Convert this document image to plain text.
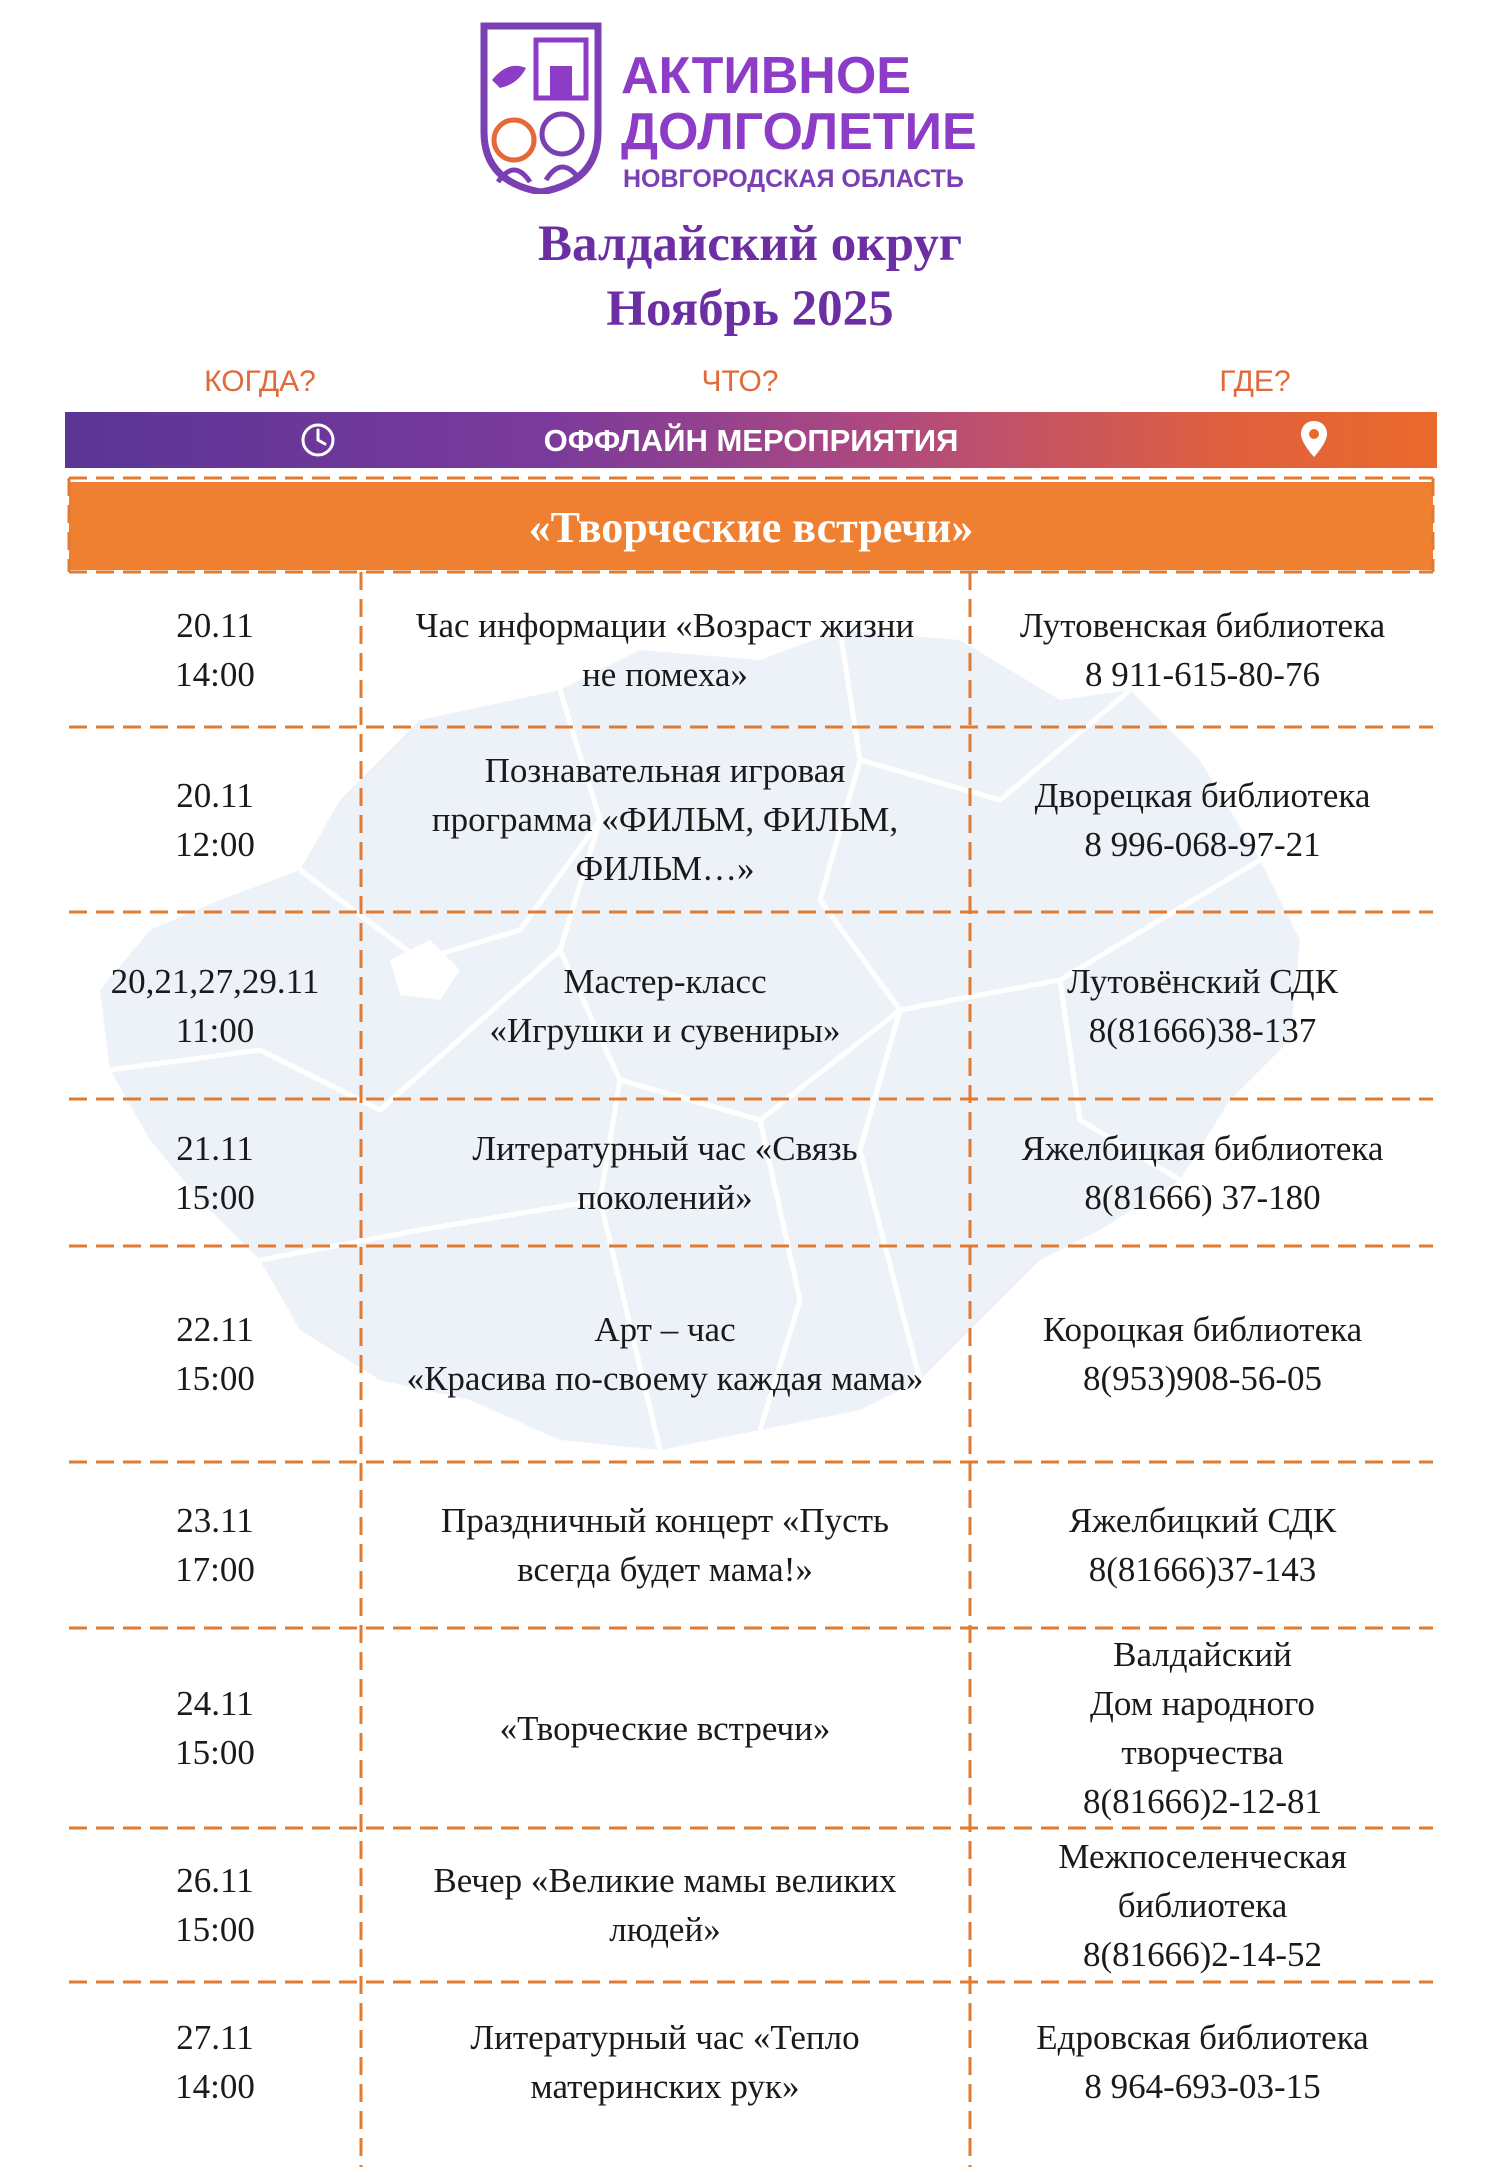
АКТИВНОЕ
ДОЛГОЛЕТИЕ
НОВГОРОДСКАЯ ОБЛАСТЬ
Валдайский округ
Ноябрь 2025
КОГДА?	ЧТО?	ГДЕ?
ОФФЛАЙН МЕРОПРИЯТИЯ
«Творческие встречи»
20.11
14:00
Час информации «Возраст жизни
не помеха»
Лутовенская библиотека
8 911-615-80-76
20.11
12:00
Познавательная игровая
программа «ФИЛЬМ, ФИЛЬМ,
ФИЛЬМ…»
Дворецкая библиотека
8 996-068-97-21
20,21,27,29.11
11:00
Мастер-класс
«Игрушки и сувениры»
Лутовёнский СДК
8(81666)38-137
21.11
15:00
Литературный час «Связь
поколений»
Яжелбицкая библиотека
8(81666) 37-180
22.11
15:00
Арт – час
«Красива по-своему каждая мама»
Короцкая библиотека
8(953)908-56-05
23.11
17:00
Праздничный концерт «Пусть
всегда будет мама!»
Яжелбицкий СДК
8(81666)37-143
24.11
15:00
«Творческие встречи»
Валдайский
Дом народного
творчества
8(81666)2-12-81
26.11
15:00
Вечер «Великие мамы великих
людей»
Межпоселенческая
библиотека
8(81666)2-14-52
27.11
14:00
Литературный час «Тепло
материнских рук»
Едровская библиотека
8 964-693-03-15
